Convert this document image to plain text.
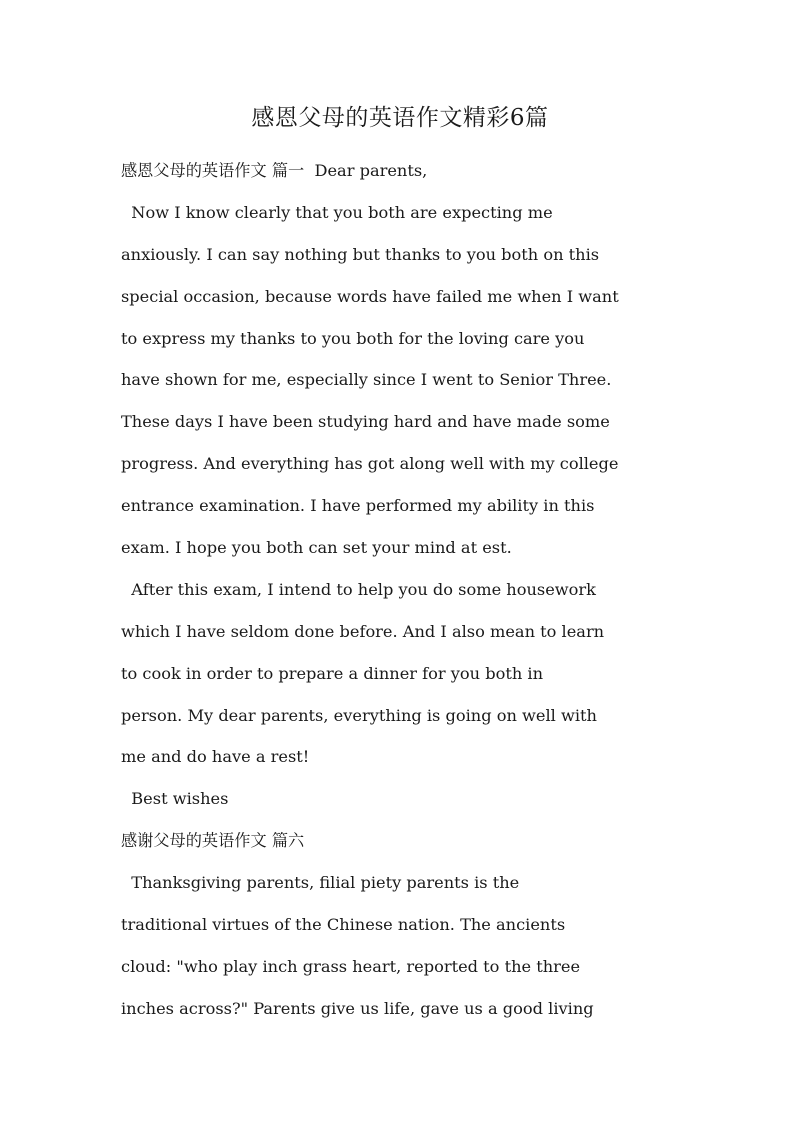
感恩父母的英语作文精彩6篇
感恩父母的英语作文 篇一  Dear parents,
Now I know clearly that you both are expecting me
anxiously. I can say nothing but thanks to you both on this
special occasion, because words have failed me when I want
to express my thanks to you both for the loving care you
have shown for me, especially since I went to Senior Three.
These days I have been studying hard and have made some
progress. And everything has got along well with my college
entrance examination. I have performed my ability in this
exam. I hope you both can set your mind at est.
After this exam, I intend to help you do some housework
which I have seldom done before. And I also mean to learn
to cook in order to prepare a dinner for you both in
person. My dear parents, everything is going on well with
me and do have a rest!
Best wishes
感谢父母的英语作文 篇六
Thanksgiving parents, filial piety parents is the
traditional virtues of the Chinese nation. The ancients
cloud: "who play inch grass heart, reported to the three
inches across?" Parents give us life, gave us a good living
